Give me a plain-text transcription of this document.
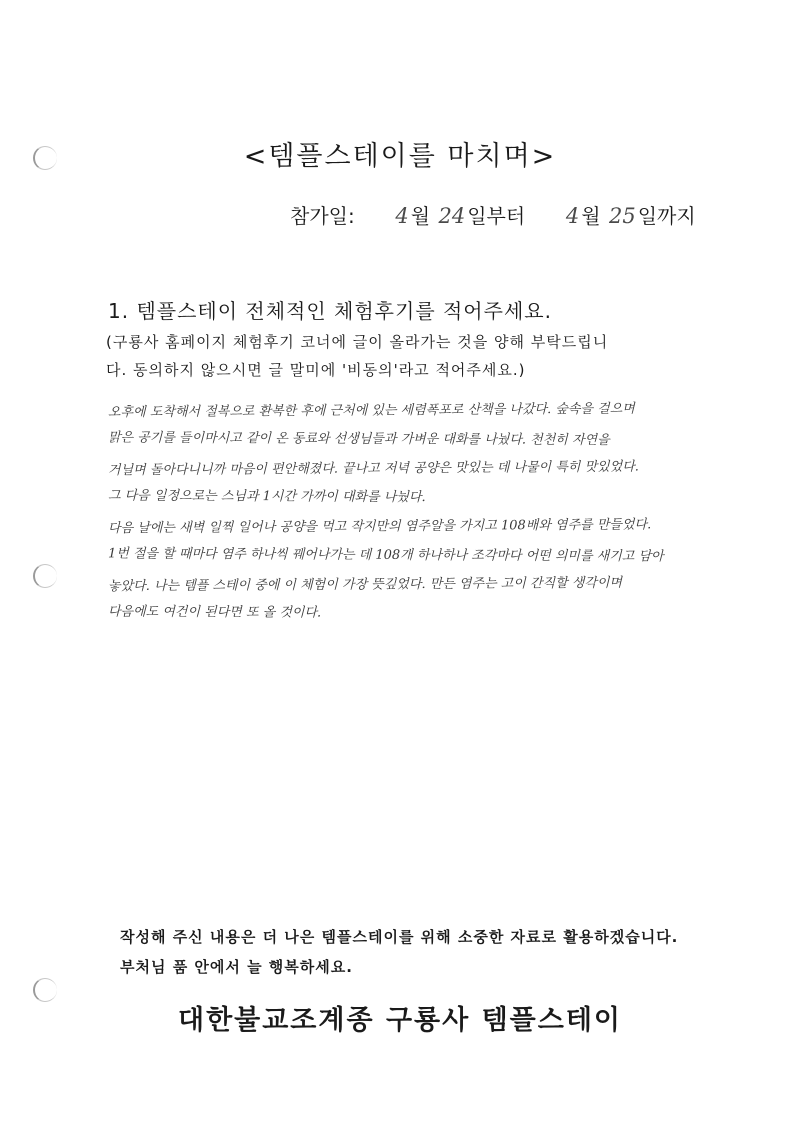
<템플스테이를 마치며>
참가일: 4 월 24 일부터 4 월 25 일까지
1. 템플스테이 전체적인 체험후기를 적어주세요.
(구룡사 홈페이지 체험후기 코너에 글이 올라가는 것을 양해 부탁드립니
다. 동의하지 않으시면 글 말미에 '비동의'라고 적어주세요.)
오후에 도착해서 절복으로 환복한 후에 근처에 있는 세렴폭포로 산책을 나갔다. 숲속을 걸으며
맑은 공기를 들이마시고 같이 온 동료와 선생님들과 가벼운 대화를 나눴다. 천천히 자연을
거닐며 돌아다니니까 마음이 편안해졌다. 끝나고 저녁 공양은 맛있는 데 나물이 특히 맛있었다.
그 다음 일정으로는 스님과 1시간 가까이 대화를 나눴다.
다음 날에는 새벽 일찍 일어나 공양을 먹고 작지만의 염주알을 가지고 108배와 염주를 만들었다.
1번 절을 할 때마다 염주 하나씩 꿰어나가는 데 108개 하나하나 조각마다 어떤 의미를 새기고 담아
놓았다. 나는 템플 스테이 중에 이 체험이 가장 뜻깊었다. 만든 염주는 고이 간직할 생각이며
다음에도 여건이 된다면 또 올 것이다.
작성해 주신 내용은 더 나은 템플스테이를 위해 소중한 자료로 활용하겠습니다.
부처님 품 안에서 늘 행복하세요.
대한불교조계종 구룡사 템플스테이
